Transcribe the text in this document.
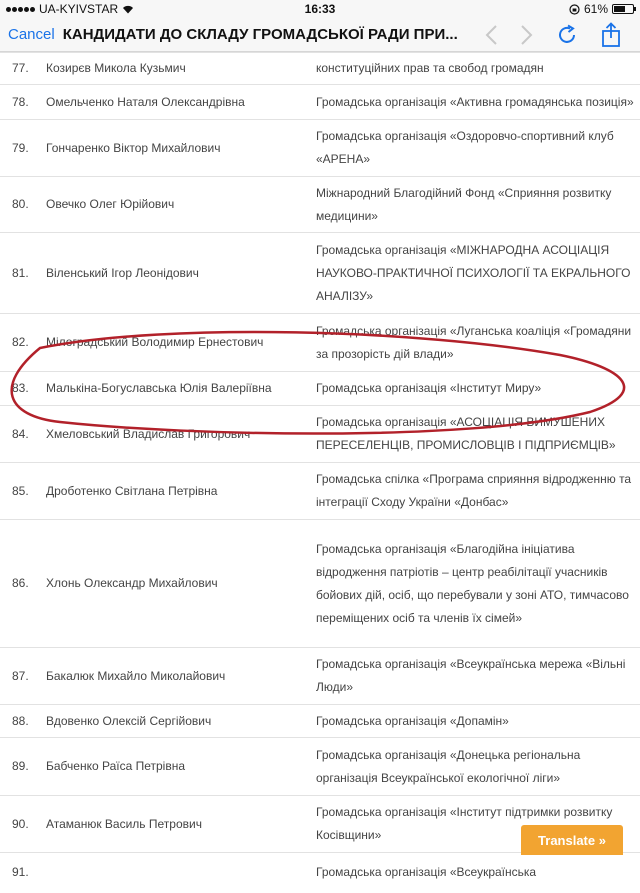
UA-KYIVSTAR	16:33	61%
Cancel КАНДИДАТИ ДО СКЛАДУ ГРОМАДСЬКОЇ РАДИ ПРИ...
77.	Козирєв Микола Кузьмич	конституційних прав та свобод громадян
78.	Омельченко Наталя Олександрівна	Громадська організація «Активна громадянська позиція»
79.	Гончаренко Віктор Михайлович	Громадська організація «Оздоровчо-спортивний клуб «АРЕНА»
80.	Овечко Олег Юрійович	Міжнародний Благодійний Фонд «Сприяння розвитку медицини»
81.	Віленський Ігор Леонідович	Громадська організація «МІЖНАРОДНА АСОЦІАЦІЯ НАУКОВО-ПРАКТИЧНОЇ ПСИХОЛОГІЇ ТА ЕКРАЛЬНОГО АНАЛІЗУ»
82.	Мілоградський Володимир Ернестович	Громадська організація «Луганська коаліція «Громадяни за прозорість дій влади»
83.	Малькіна-Богуславська Юлія Валеріївна	Громадська організація «Інститут Миру»
84.	Хмеловський Владислав Григорович	Громадська організація «АСОЦІАЦІЯ ВИМУШЕНИХ ПЕРЕСЕЛЕНЦІВ, ПРОМИСЛОВЦІВ І ПІДПРИЄМЦІВ»
85.	Дроботенко Світлана Петрівна	Громадська спілка «Програма сприяння відродженню та інтеграції Сходу України «Донбас»
86.	Хлонь Олександр Михайлович	Громадська організація «Благодійна ініціатива відродження патріотів – центр реабілітації учасників бойових дій, осіб, що перебували у зоні АТО, тимчасово переміщених осіб та членів їх сімей»
87.	Бакалюк Михайло Миколайович	Громадська організація «Всеукраїнська мережа «Вільні Люди»
88.	Вдовенко Олексій Сергійович	Громадська організація «Допамін»
89.	Бабченко Раїса Петрівна	Громадська організація «Донецька регіональна організація Всеукраїнської екологічної ліги»
90.	Атаманюк Василь Петрович	Громадська організація «Інститут підтримки розвитку Косівщини»
91.		Громадська організація «Всеукраїнська
Translate »
